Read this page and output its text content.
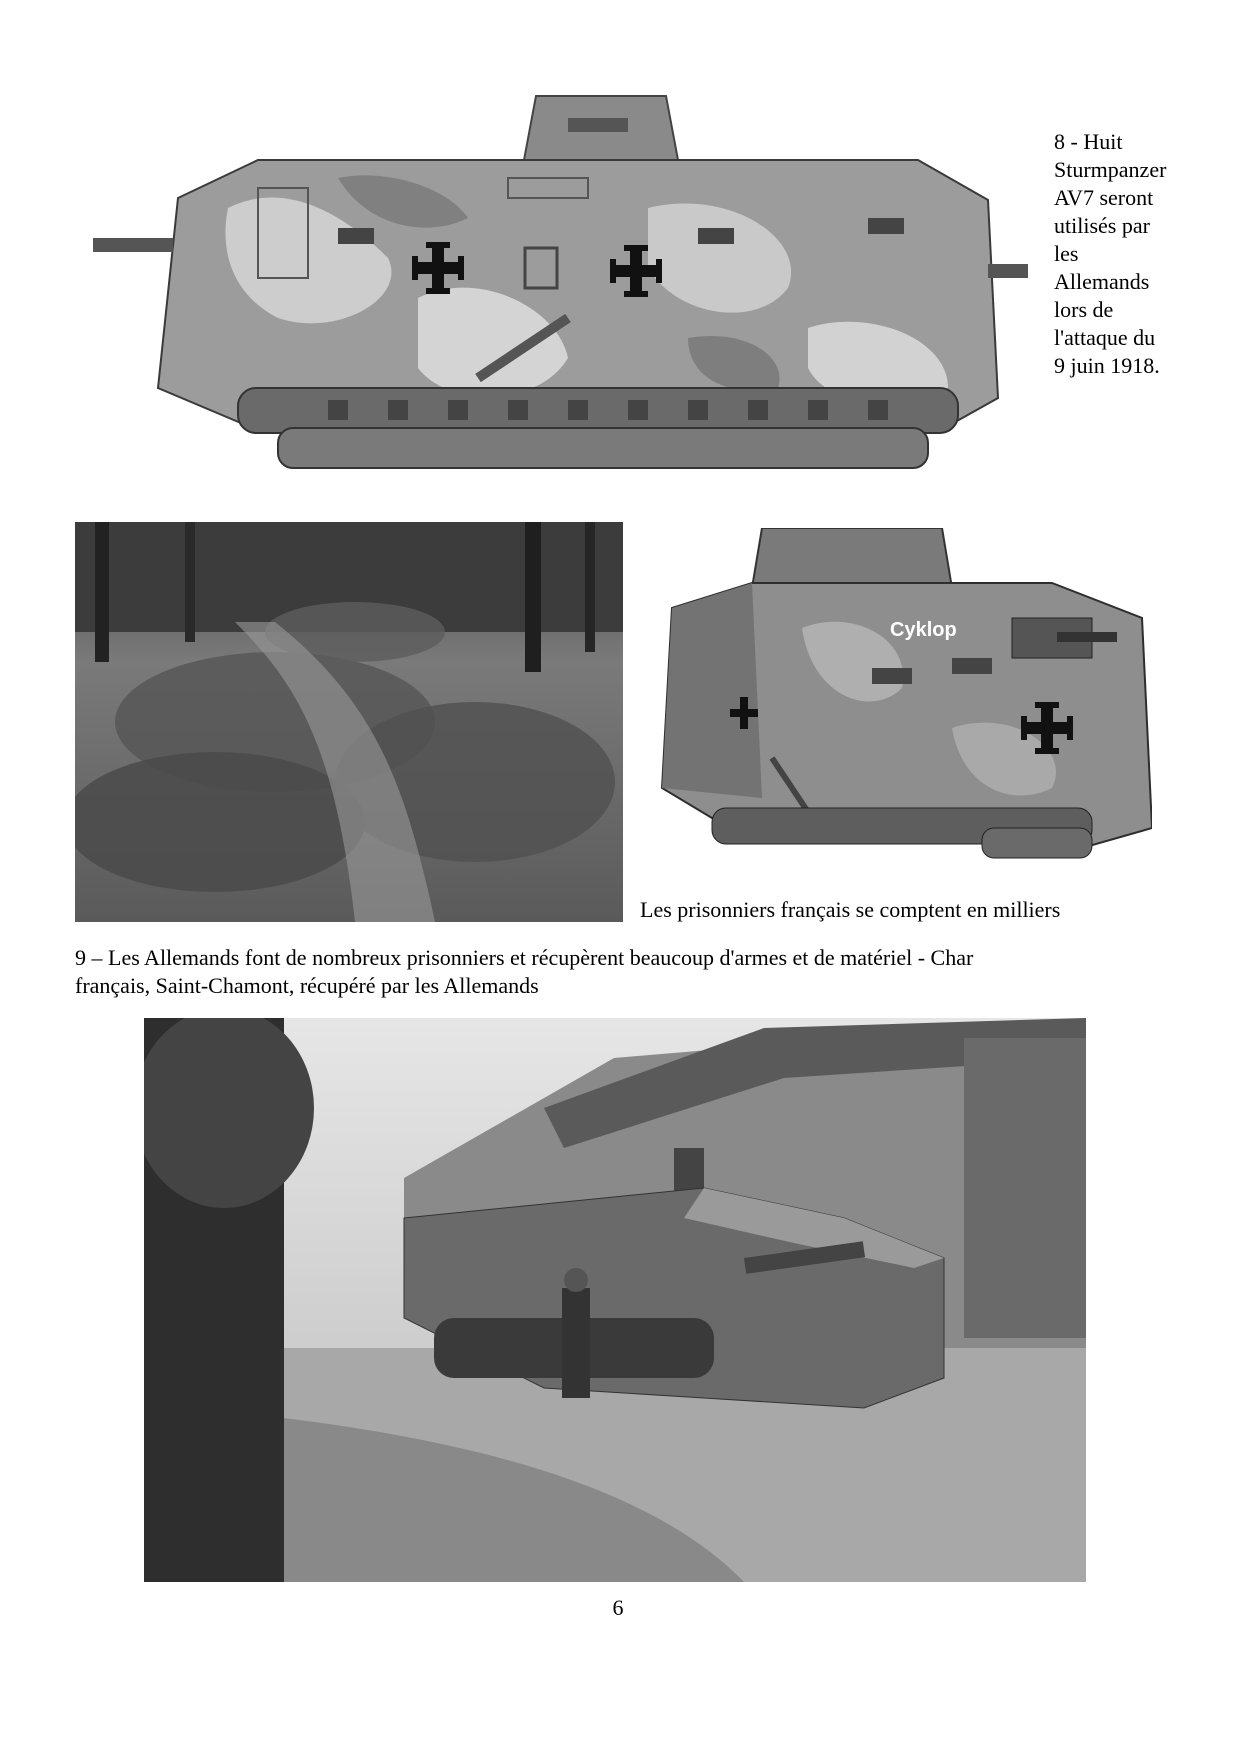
8 - Huit
Sturmpanzer
AV7 seront
utilisés par
les
Allemands
lors de
l'attaque du
9 juin 1918.
Cyklop
Les prisonniers français se comptent en milliers
9 – Les Allemands font de nombreux prisonniers et récupèrent beaucoup d'armes et de matériel - Char
français, Saint-Chamont, récupéré par les Allemands
6
